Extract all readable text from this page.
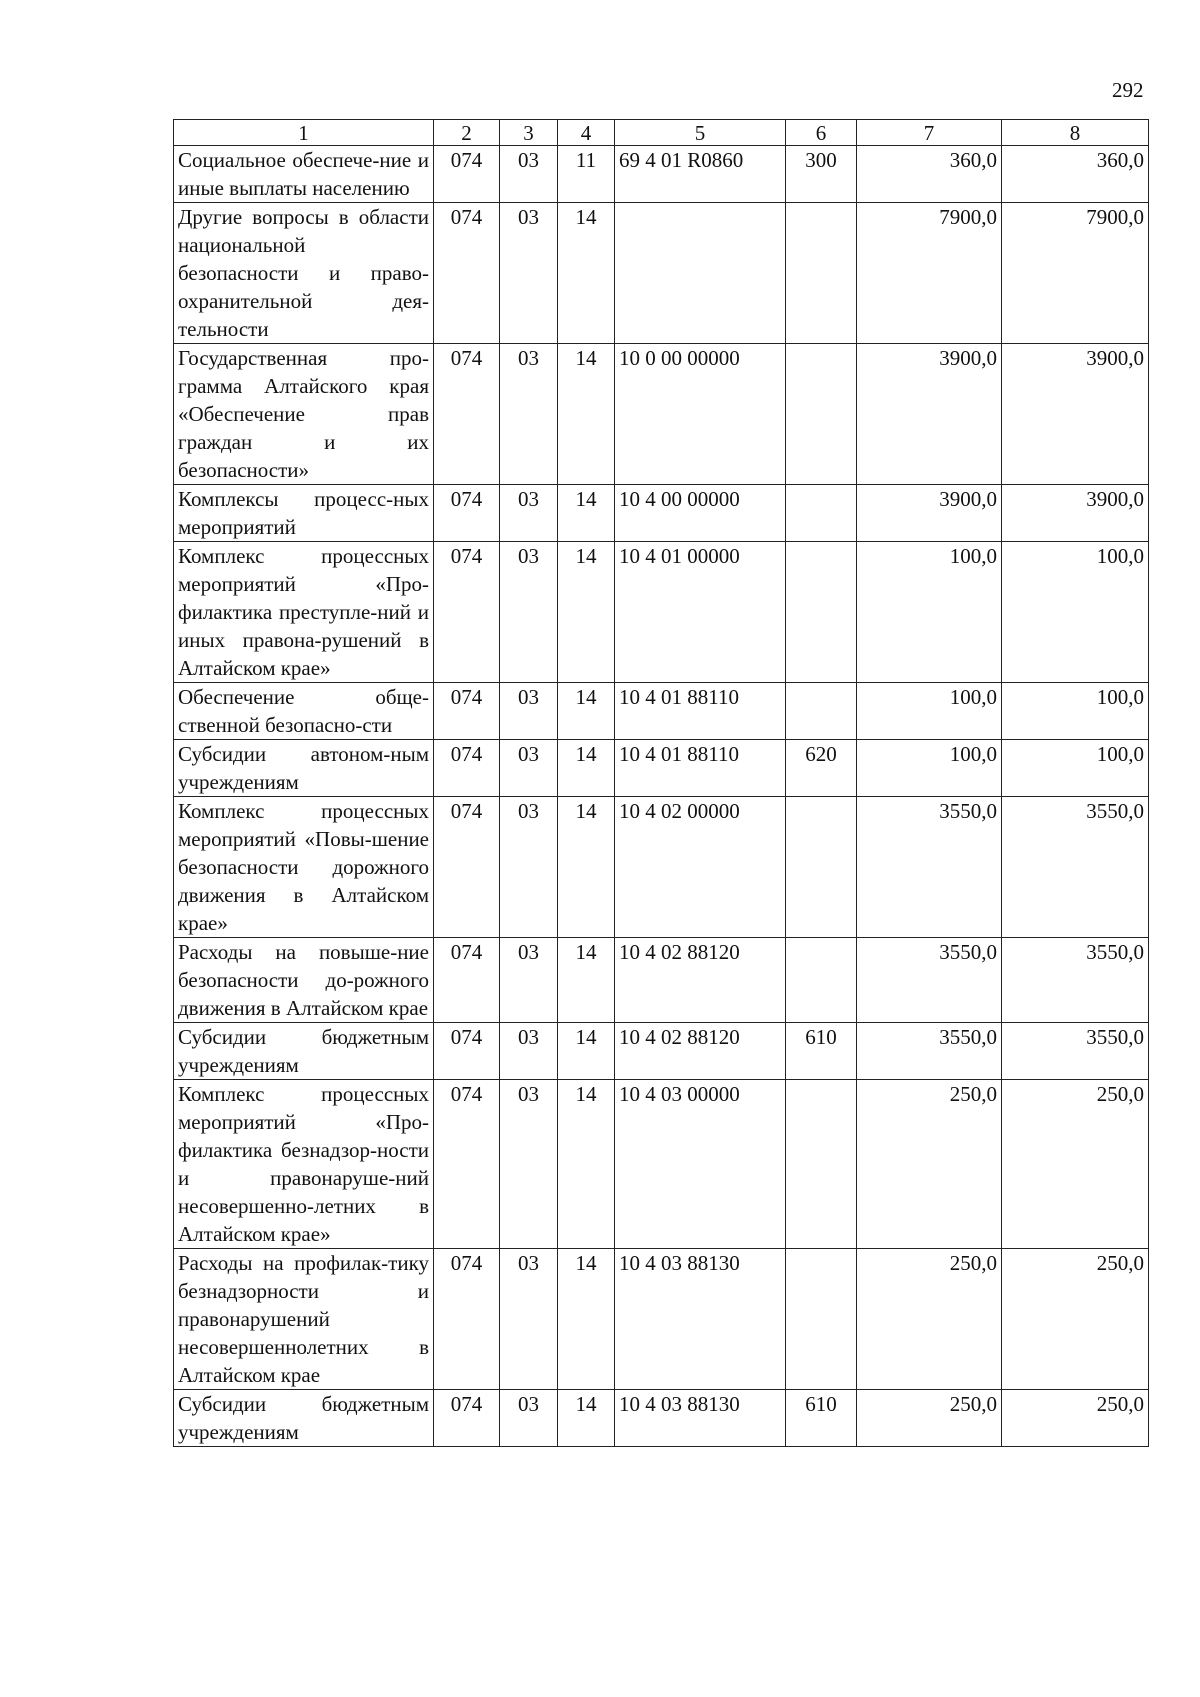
292
1	2	3	4	5	6	7	8
Социальное обеспече-ние и иные выплаты населению	074	03	11	69 4 01 R0860	300	360,0	360,0
Другие вопросы в области национальной безопасности и право-охранительной дея-тельности	074	03	14			7900,0	7900,0
Государственная про-грамма Алтайского края «Обеспечение прав граждан и их безопасности»	074	03	14	10 0 00 00000		3900,0	3900,0
Комплексы процесс-ных мероприятий	074	03	14	10 4 00 00000		3900,0	3900,0
Комплекс процессных мероприятий «Про-филактика преступле-ний и иных правона-рушений в Алтайском крае»	074	03	14	10 4 01 00000		100,0	100,0
Обеспечение обще-ственной безопасно-сти	074	03	14	10 4 01 88110		100,0	100,0
Субсидии автоном-ным учреждениям	074	03	14	10 4 01 88110	620	100,0	100,0
Комплекс процессных мероприятий «Повы-шение безопасности дорожного движения в Алтайском крае»	074	03	14	10 4 02 00000		3550,0	3550,0
Расходы на повыше-ние безопасности до-рожного движения в Алтайском крае	074	03	14	10 4 02 88120		3550,0	3550,0
Субсидии бюджетным учреждениям	074	03	14	10 4 02 88120	610	3550,0	3550,0
Комплекс процессных мероприятий «Про-филактика безнадзор-ности и правонаруше-ний несовершенно-летних в Алтайском крае»	074	03	14	10 4 03 00000		250,0	250,0
Расходы на профилак-тику безнадзорности и правонарушений несовершеннолетних в Алтайском крае	074	03	14	10 4 03 88130		250,0	250,0
Субсидии бюджетным учреждениям	074	03	14	10 4 03 88130	610	250,0	250,0
